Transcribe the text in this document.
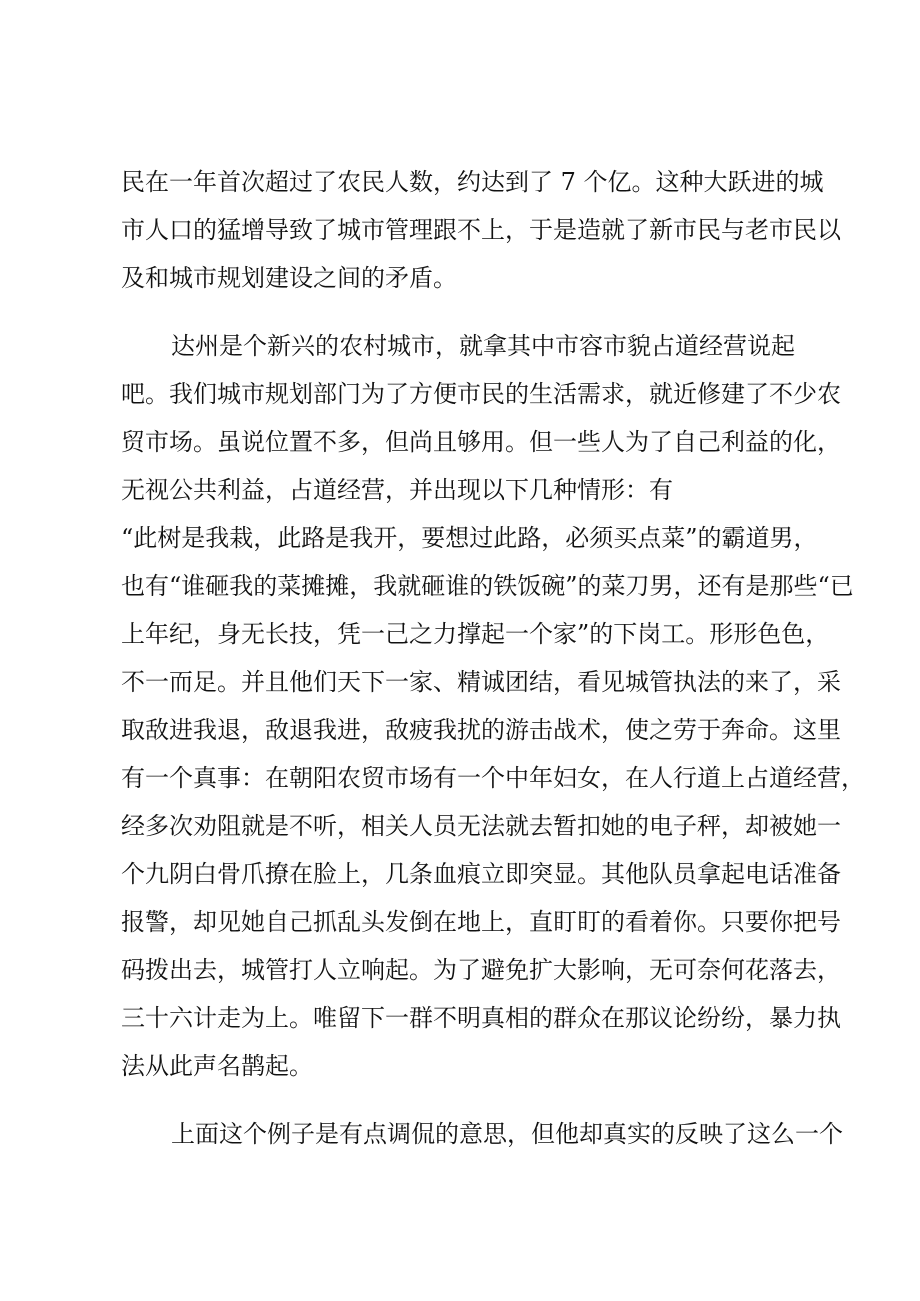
民在一年首次超过了农民人数，约达到了 7 个亿。这种大跃进的城

市人口的猛增导致了城市管理跟不上，于是造就了新市民与老市民以

及和城市规划建设之间的矛盾。

达州是个新兴的农村城市，就拿其中市容市貌占道经营说起

吧。我们城市规划部门为了方便市民的生活需求，就近修建了不少农

贸市场。虽说位置不多，但尚且够用。但一些人为了自己利益的化，

无视公共利益，占道经营，并出现以下几种情形：有

“此树是我栽，此路是我开，要想过此路，必须买点菜”的霸道男，

也有“谁砸我的菜摊摊，我就砸谁的铁饭碗”的菜刀男，还有是那些“已

上年纪，身无长技，凭一己之力撑起一个家”的下岗工。形形色色，

不一而足。并且他们天下一家、精诚团结，看见城管执法的来了，采

取敌进我退，敌退我进，敌疲我扰的游击战术，使之劳于奔命。这里

有一个真事：在朝阳农贸市场有一个中年妇女，在人行道上占道经营，

经多次劝阻就是不听，相关人员无法就去暂扣她的电子秤，却被她一

个九阴白骨爪撩在脸上，几条血痕立即突显。其他队员拿起电话准备

报警，却见她自己抓乱头发倒在地上，直盯盯的看着你。只要你把号

码拨出去，城管打人立响起。为了避免扩大影响，无可奈何花落去，

三十六计走为上。唯留下一群不明真相的群众在那议论纷纷，暴力执

法从此声名鹊起。

上面这个例子是有点调侃的意思，但他却真实的反映了这么一个
